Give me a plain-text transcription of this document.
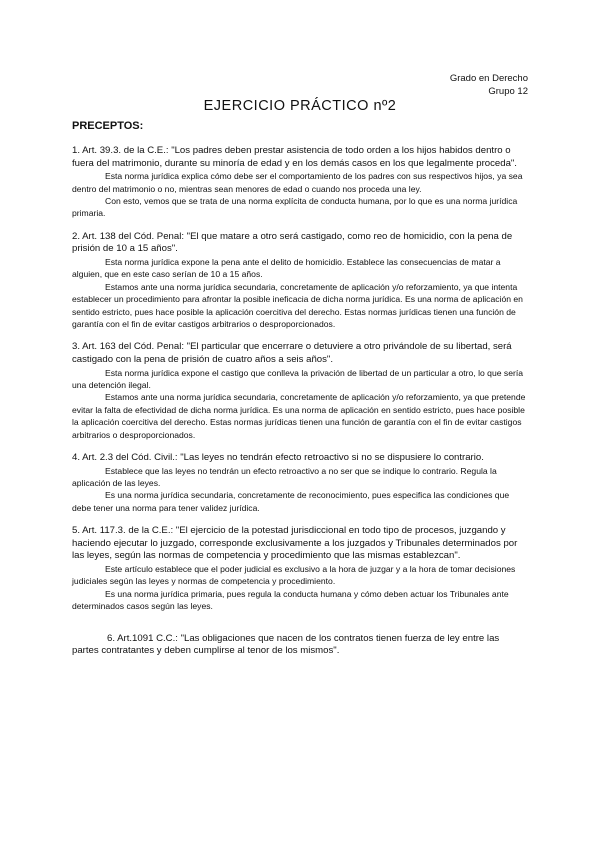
Grado en Derecho
Grupo 12
EJERCICIO PRÁCTICO nº2
PRECEPTOS:

1. Art. 39.3. de la C.E.: "Los padres deben prestar asistencia de todo orden a los hijos habidos dentro o fuera del matrimonio, durante su minoría de edad y en los demás casos en los que legalmente proceda".

Esta norma jurídica explica cómo debe ser el comportamiento de los padres con sus respectivos hijos, ya sea dentro del matrimonio o no, mientras sean menores de edad o cuando nos proceda una ley.

Con esto, vemos que se trata de una norma explícita de conducta humana, por lo que es una norma jurídica primaria.

2. Art. 138 del Cód. Penal: "El que matare a otro será castigado, como reo de homicidio, con la pena de prisión de 10 a 15 años".

Esta norma jurídica expone la pena ante el delito de homicidio. Establece las consecuencias de matar a alguien, que en este caso serían de 10 a 15 años.

Estamos ante una norma jurídica secundaria, concretamente de aplicación y/o reforzamiento, ya que intenta establecer un procedimiento para afrontar la posible ineficacia de dicha norma jurídica. Es una norma de aplicación en sentido estricto, pues hace posible la aplicación coercitiva del derecho. Estas normas jurídicas tienen una función de garantía con el fin de evitar castigos arbitrarios o desproporcionados.

3. Art. 163 del Cód. Penal: "El particular que encerrare o detuviere a otro privándole de su libertad, será castigado con la pena de prisión de cuatro años a seis años".

Esta norma jurídica expone el castigo que conlleva la privación de libertad de un particular a otro, lo que sería una detención ilegal.

Estamos ante una norma jurídica secundaria, concretamente de aplicación y/o reforzamiento, ya que pretende evitar la falta de efectividad de dicha norma jurídica. Es una norma de aplicación en sentido estricto, pues hace posible la aplicación coercitiva del derecho. Estas normas jurídicas tienen una función de garantía con el fin de evitar castigos arbitrarios o desproporcionados.

4. Art. 2.3 del Cód. Civil.: "Las leyes no tendrán efecto retroactivo si no se dispusiere lo contrario.

Establece que las leyes no tendrán un efecto retroactivo a no ser que se indique lo contrario. Regula la aplicación de las leyes.

Es una norma jurídica secundaria, concretamente de reconocimiento, pues especifica las condiciones que debe tener una norma para tener validez jurídica.

5. Art. 117.3. de la C.E.: "El ejercicio de la potestad jurisdiccional en todo tipo de procesos, juzgando y haciendo ejecutar lo juzgado, corresponde exclusivamente a los juzgados y Tribunales determinados por las leyes, según las normas de competencia y procedimiento que las mismas establezcan".

Este artículo establece que el poder judicial es exclusivo a la hora de juzgar y a la hora de tomar decisiones judiciales según las leyes y normas de competencia y procedimiento.

Es una norma jurídica primaria, pues regula la conducta humana y cómo deben actuar los Tribunales ante determinados casos según las leyes.

6. Art.1091 C.C.: "Las obligaciones que nacen de los contratos tienen fuerza de ley entre las partes contratantes y deben cumplirse al tenor de los mismos".
